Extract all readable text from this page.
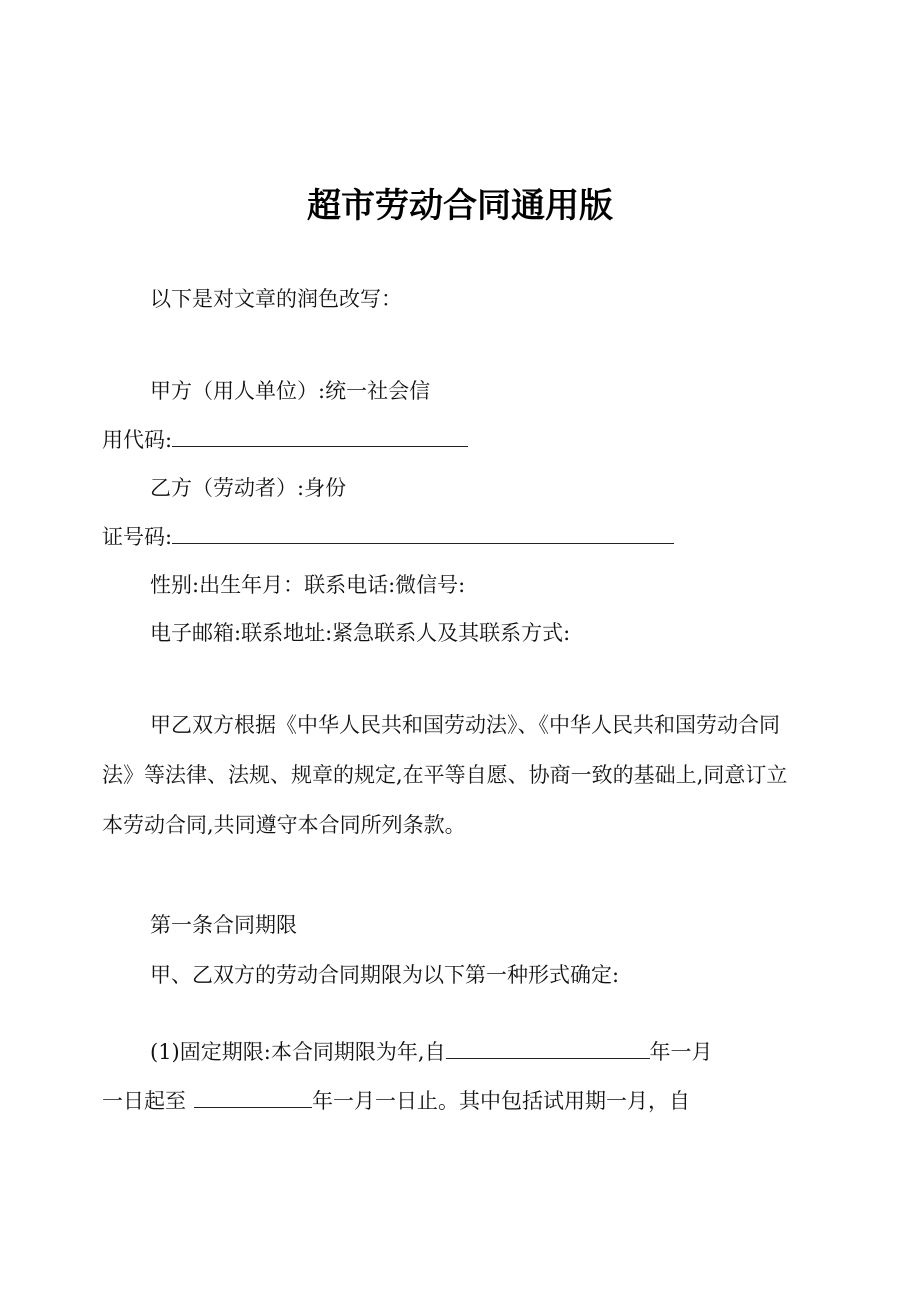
超市劳动合同通用版
以下是对文章的润色改写：
甲方（用人单位）:统一社会信
用代码:
乙方（劳动者）:身份
证号码:
性别:出生年月：联系电话:微信号:
电子邮箱:联系地址:紧急联系人及其联系方式:
甲乙双方根据《中华人民共和国劳动法》、《中华人民共和国劳动合同
法》等法律、法规、规章的规定,在平等自愿、协商一致的基础上,同意订立
本劳动合同,共同遵守本合同所列条款。
第一条合同期限
甲、乙双方的劳动合同期限为以下第一种形式确定:
(1)固定期限:本合同期限为年,自	年一月
一日起至	年一月一日止。其中包括试用期一月，自
